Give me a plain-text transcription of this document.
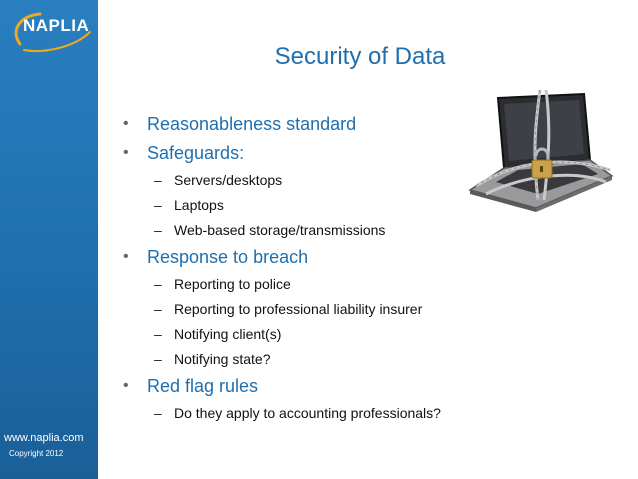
NAPLIA
www.naplia.com
Copyright 2012
Security of Data
• Reasonableness standard
• Safeguards:
– Servers/desktops
– Laptops
– Web-based storage/transmissions
• Response to breach
– Reporting to police
– Reporting to professional liability insurer
– Notifying client(s)
– Notifying state?
• Red flag rules
– Do they apply to accounting professionals?
